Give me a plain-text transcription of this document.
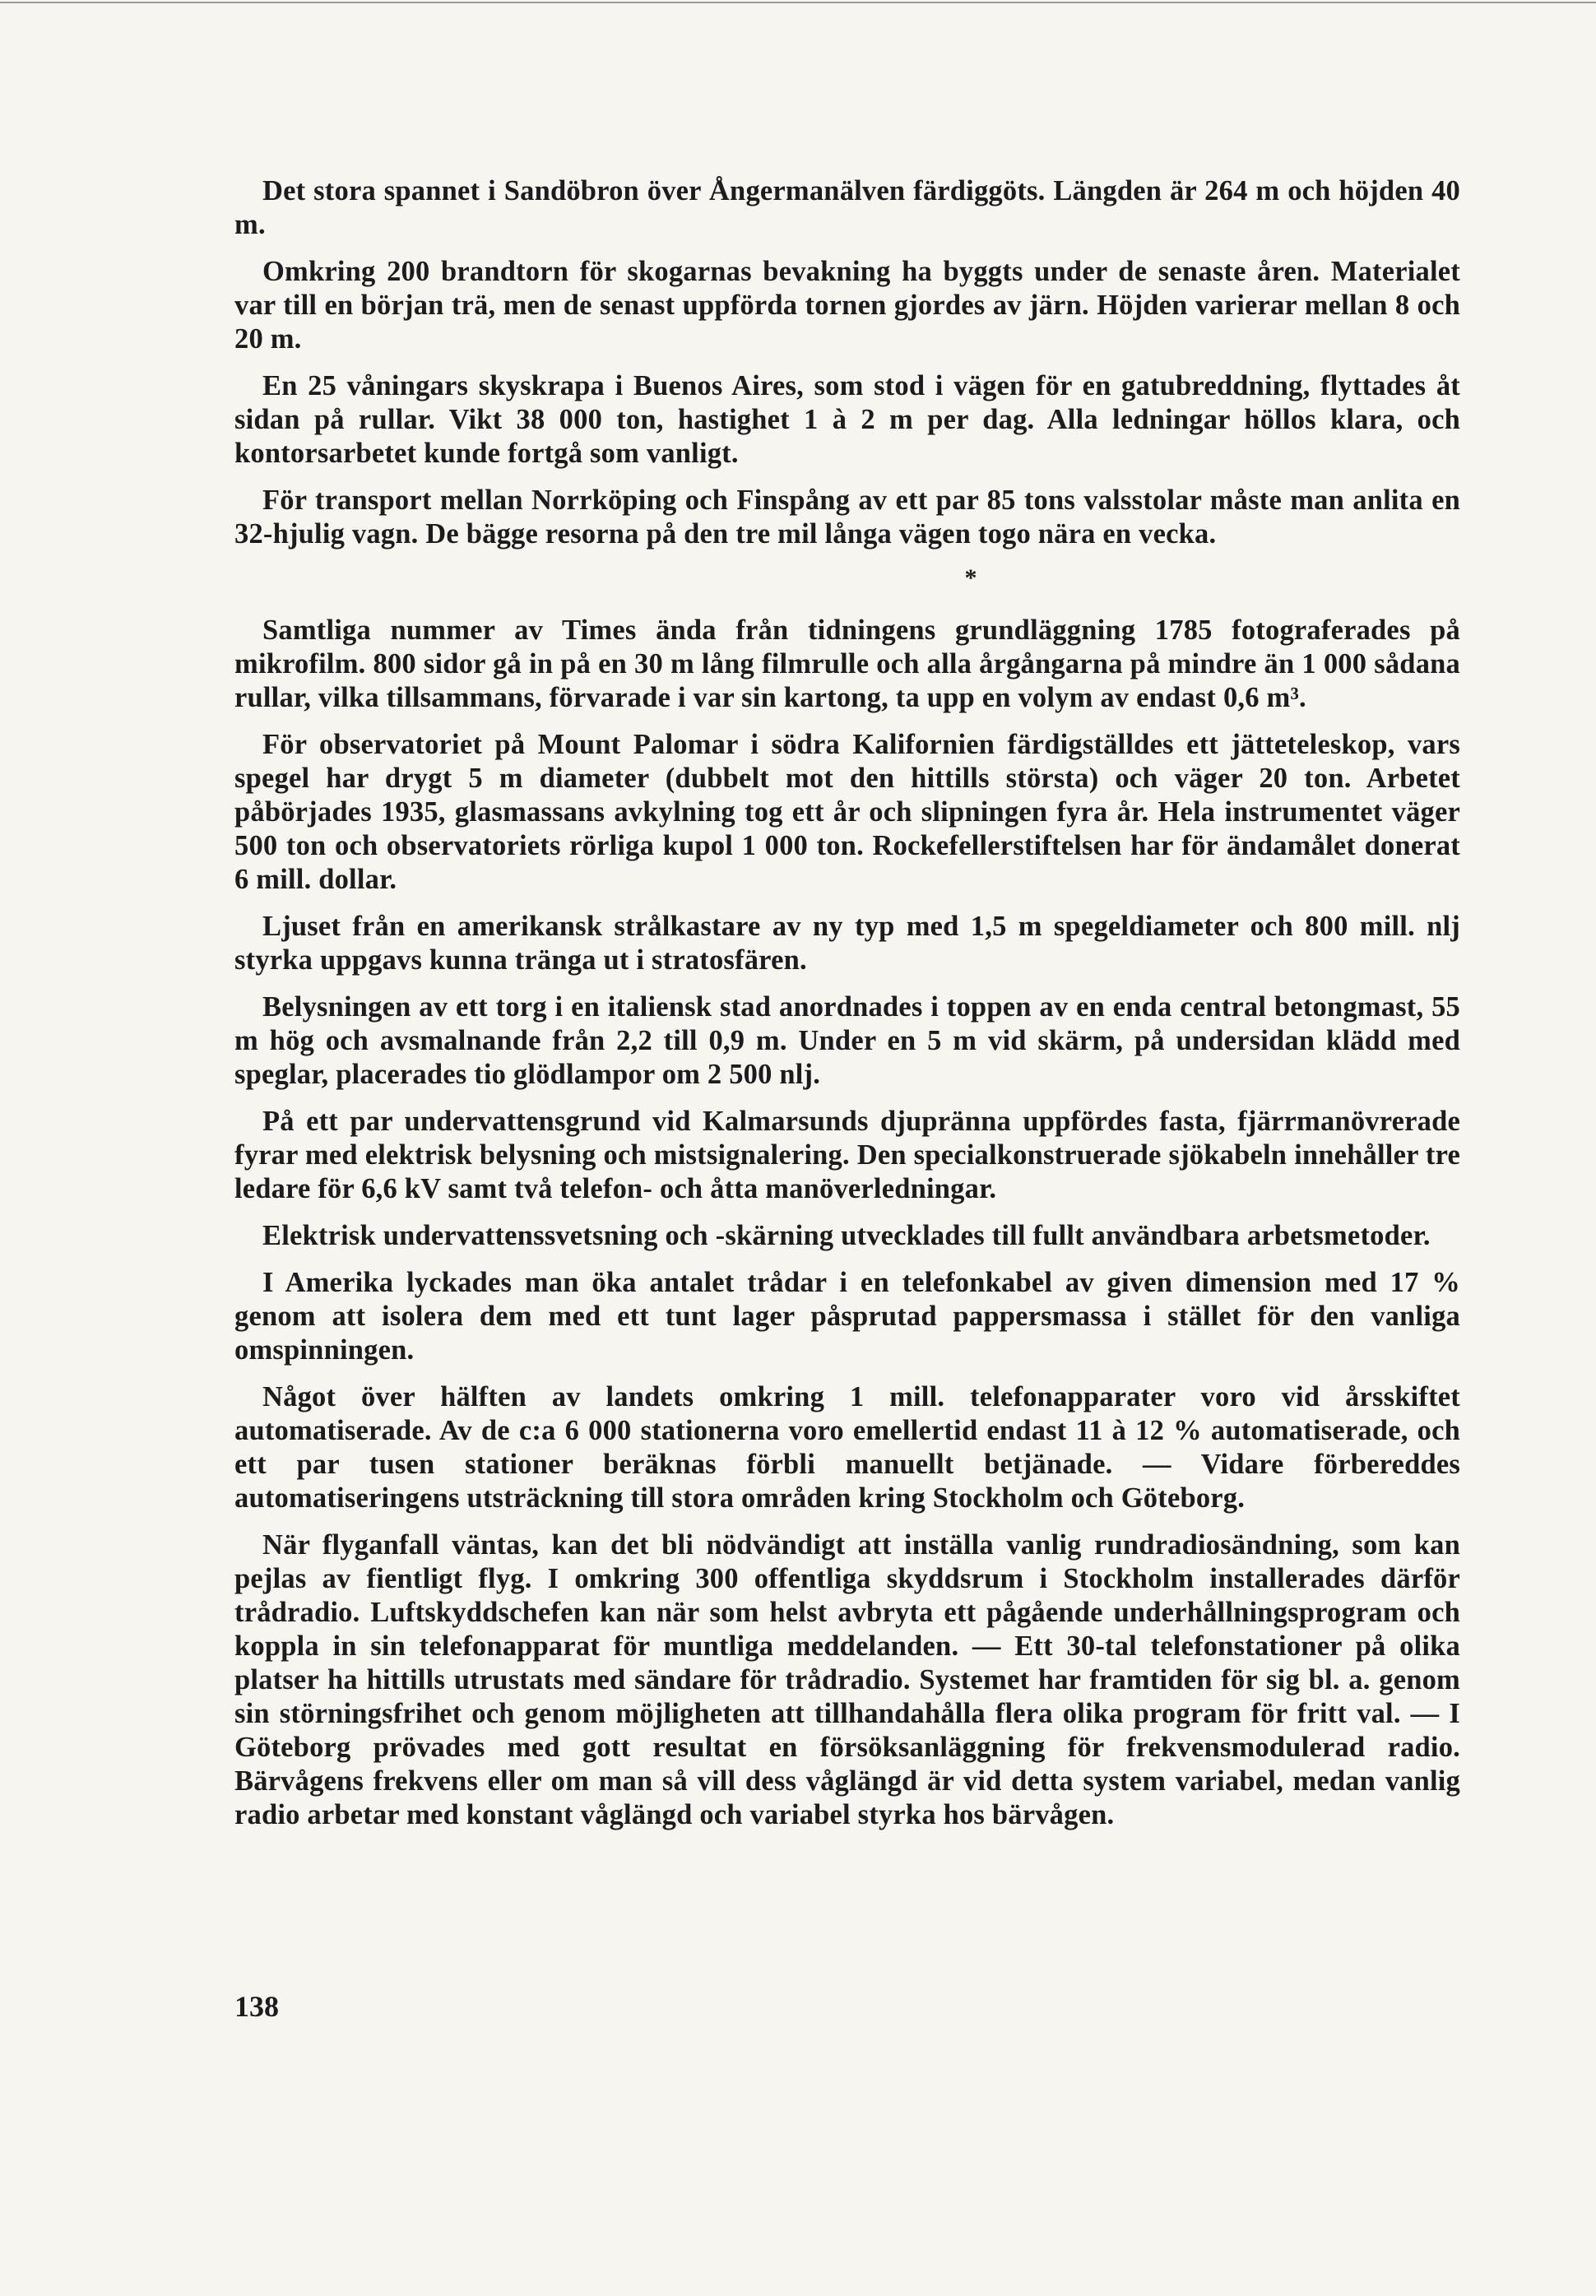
Det stora spannet i Sandöbron över Ångermanälven färdiggöts. Längden är 264 m och höjden 40 m.

Omkring 200 brandtorn för skogarnas bevakning ha byggts under de senaste åren. Materialet var till en början trä, men de senast uppförda tornen gjordes av järn. Höjden varierar mellan 8 och 20 m.

En 25 våningars skyskrapa i Buenos Aires, som stod i vägen för en gatubreddning, flyttades åt sidan på rullar. Vikt 38 000 ton, hastighet 1 à 2 m per dag. Alla ledningar höllos klara, och kontorsarbetet kunde fortgå som vanligt.

För transport mellan Norrköping och Finspång av ett par 85 tons valsstolar måste man anlita en 32-hjulig vagn. De bägge resorna på den tre mil långa vägen togo nära en vecka.

*

Samtliga nummer av Times ända från tidningens grundläggning 1785 fotograferades på mikrofilm. 800 sidor gå in på en 30 m lång filmrulle och alla årgångarna på mindre än 1 000 sådana rullar, vilka tillsammans, förvarade i var sin kartong, ta upp en volym av endast 0,6 m³.

För observatoriet på Mount Palomar i södra Kalifornien färdigställdes ett jätteteleskop, vars spegel har drygt 5 m diameter (dubbelt mot den hittills största) och väger 20 ton. Arbetet påbörjades 1935, glasmassans avkylning tog ett år och slipningen fyra år. Hela instrumentet väger 500 ton och observatoriets rörliga kupol 1 000 ton. Rockefellerstiftelsen har för ändamålet donerat 6 mill. dollar.

Ljuset från en amerikansk strålkastare av ny typ med 1,5 m spegeldiameter och 800 mill. nlj styrka uppgavs kunna tränga ut i stratosfären.

Belysningen av ett torg i en italiensk stad anordnades i toppen av en enda central betongmast, 55 m hög och avsmalnande från 2,2 till 0,9 m. Under en 5 m vid skärm, på undersidan klädd med speglar, placerades tio glödlampor om 2 500 nlj.

På ett par undervattensgrund vid Kalmarsunds djupränna uppfördes fasta, fjärrmanövrerade fyrar med elektrisk belysning och mistsignalering. Den specialkonstruerade sjökabeln innehåller tre ledare för 6,6 kV samt två telefon- och åtta manöverledningar.

Elektrisk undervattenssvetsning och -skärning utvecklades till fullt användbara arbetsmetoder.

I Amerika lyckades man öka antalet trådar i en telefonkabel av given dimension med 17 % genom att isolera dem med ett tunt lager påsprutad pappersmassa i stället för den vanliga omspinningen.

Något över hälften av landets omkring 1 mill. telefonapparater voro vid årsskiftet automatiserade. Av de c:a 6 000 stationerna voro emellertid endast 11 à 12 % automatiserade, och ett par tusen stationer beräknas förbli manuellt betjänade. — Vidare förbereddes automatiseringens utsträckning till stora områden kring Stockholm och Göteborg.

När flyganfall väntas, kan det bli nödvändigt att inställa vanlig rundradiosändning, som kan pejlas av fientligt flyg. I omkring 300 offentliga skyddsrum i Stockholm installerades därför trådradio. Luftskyddschefen kan när som helst avbryta ett pågående underhållningsprogram och koppla in sin telefonapparat för muntliga meddelanden. — Ett 30-tal telefonstationer på olika platser ha hittills utrustats med sändare för trådradio. Systemet har framtiden för sig bl. a. genom sin störningsfrihet och genom möjligheten att tillhandahålla flera olika program för fritt val. — I Göteborg prövades med gott resultat en försöksanläggning för frekvensmodulerad radio. Bärvågens frekvens eller om man så vill dess våglängd är vid detta system variabel, medan vanlig radio arbetar med konstant våglängd och variabel styrka hos bärvågen.

138
